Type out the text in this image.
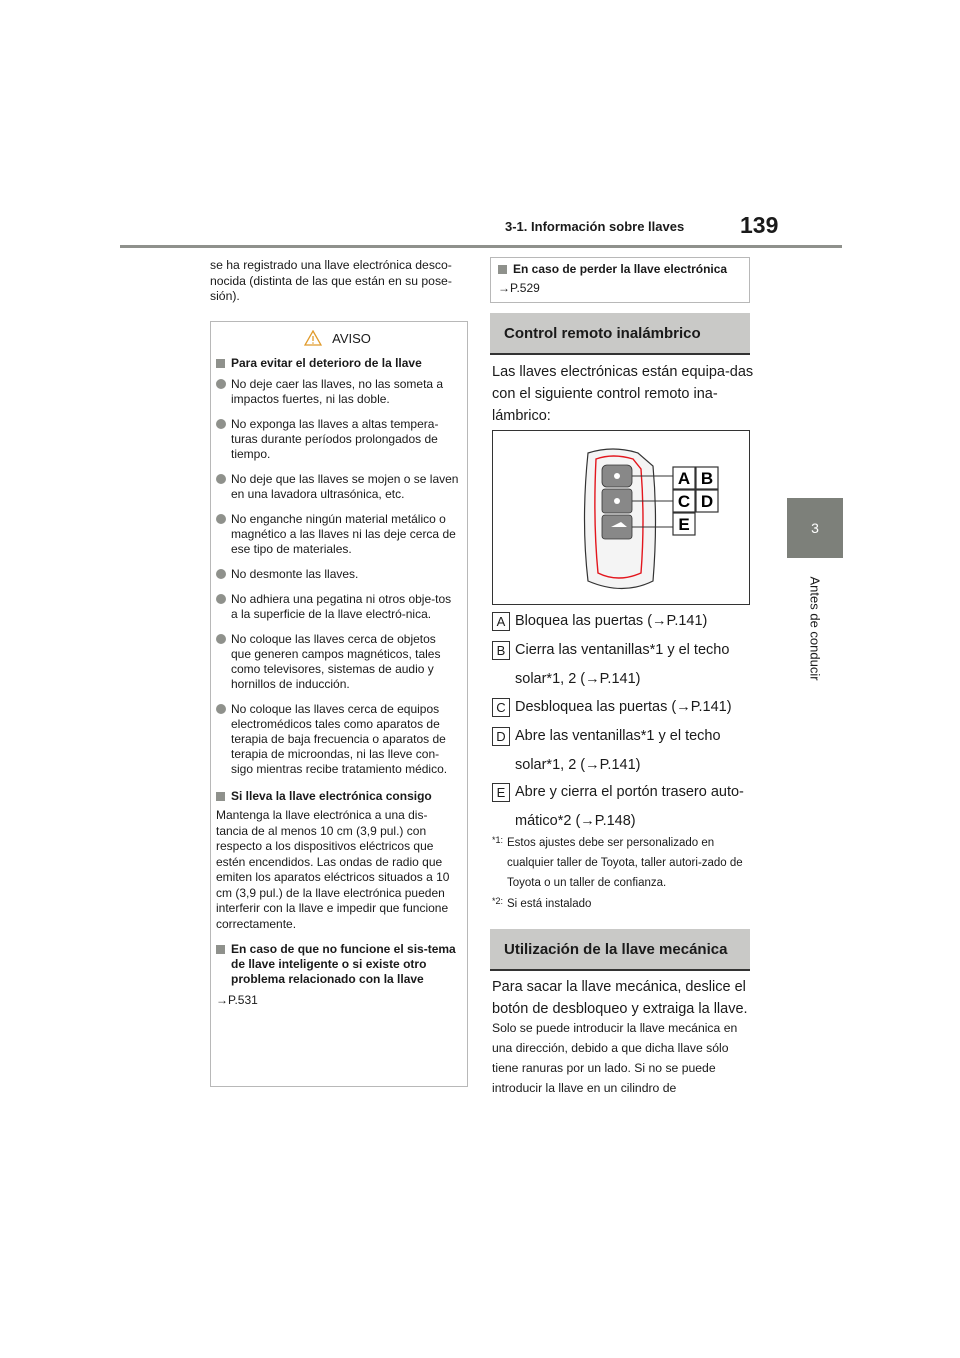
3-1. Información sobre llaves 139
3
Antes de conducir
se ha registrado una llave electrónica desco-nocida (distinta de las que están en su pose-sión).
AVISO
Para evitar el deterioro de la llave
No deje caer las llaves, no las someta a impactos fuertes, ni las doble.
No exponga las llaves a altas tempera-turas durante períodos prolongados de tiempo.
No deje que las llaves se mojen o se laven en una lavadora ultrasónica, etc.
No enganche ningún material metálico o magnético a las llaves ni las deje cerca de ese tipo de materiales.
No desmonte las llaves.
No adhiera una pegatina ni otros obje-tos a la superficie de la llave electró-nica.
No coloque las llaves cerca de objetos que generen campos magnéticos, tales como televisores, sistemas de audio y hornillos de inducción.
No coloque las llaves cerca de equipos electromédicos tales como aparatos de terapia de baja frecuencia o aparatos de terapia de microondas, ni las lleve con-sigo mientras recibe tratamiento médico.
Si lleva la llave electrónica consigo
Mantenga la llave electrónica a una dis-tancia de al menos 10 cm (3,9 pul.) con respecto a los dispositivos eléctricos que estén encendidos. Las ondas de radio que emiten los aparatos eléctricos situados a 10 cm (3,9 pul.) de la llave electrónica pueden interferir con la llave e impedir que funcione correctamente.
En caso de que no funcione el sis-tema de llave inteligente o si existe otro problema relacionado con la llave
→P.531
En caso de perder la llave electrónica
→P.529
Control remoto inalámbrico
Las llaves electrónicas están equipa-das con el siguiente control remoto ina-lámbrico:
A B
C D
E
A Bloquea las puertas (→P.141)
B Cierra las ventanillas*1 y el techo solar*1, 2 (→P.141)
C Desbloquea las puertas (→P.141)
D Abre las ventanillas*1 y el techo solar*1, 2 (→P.141)
E Abre y cierra el portón trasero auto-mático*2 (→P.148)
*1: Estos ajustes debe ser personalizado en cualquier taller de Toyota, taller autori-zado de Toyota o un taller de confianza.
*2: Si está instalado
Utilización de la llave mecánica
Para sacar la llave mecánica, deslice el botón de desbloqueo y extraiga la llave.
Solo se puede introducir la llave mecánica en una dirección, debido a que dicha llave sólo tiene ranuras por un lado. Si no se puede introducir la llave en un cilindro de
